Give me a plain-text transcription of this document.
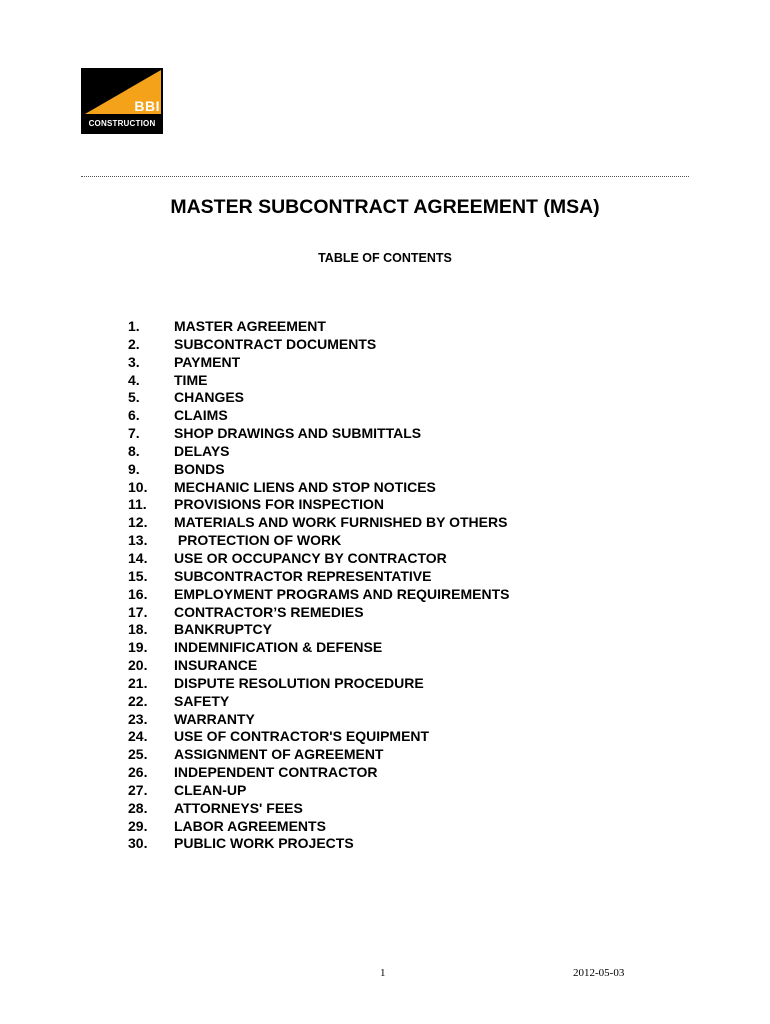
BBI
CONSTRUCTION
MASTER SUBCONTRACT AGREEMENT (MSA)
TABLE OF CONTENTS
1. MASTER AGREEMENT
2. SUBCONTRACT DOCUMENTS
3. PAYMENT
4. TIME
5. CHANGES
6. CLAIMS
7. SHOP DRAWINGS AND SUBMITTALS
8. DELAYS
9. BONDS
10. MECHANIC LIENS AND STOP NOTICES
11. PROVISIONS FOR INSPECTION
12. MATERIALS AND WORK FURNISHED BY OTHERS
13. PROTECTION OF WORK
14. USE OR OCCUPANCY BY CONTRACTOR
15. SUBCONTRACTOR REPRESENTATIVE
16. EMPLOYMENT PROGRAMS AND REQUIREMENTS
17. CONTRACTOR’S REMEDIES
18. BANKRUPTCY
19. INDEMNIFICATION & DEFENSE
20. INSURANCE
21. DISPUTE RESOLUTION PROCEDURE
22. SAFETY
23. WARRANTY
24. USE OF CONTRACTOR'S EQUIPMENT
25. ASSIGNMENT OF AGREEMENT
26. INDEPENDENT CONTRACTOR
27. CLEAN-UP
28. ATTORNEYS' FEES
29. LABOR AGREEMENTS
30. PUBLIC WORK PROJECTS
1	2012-05-03
